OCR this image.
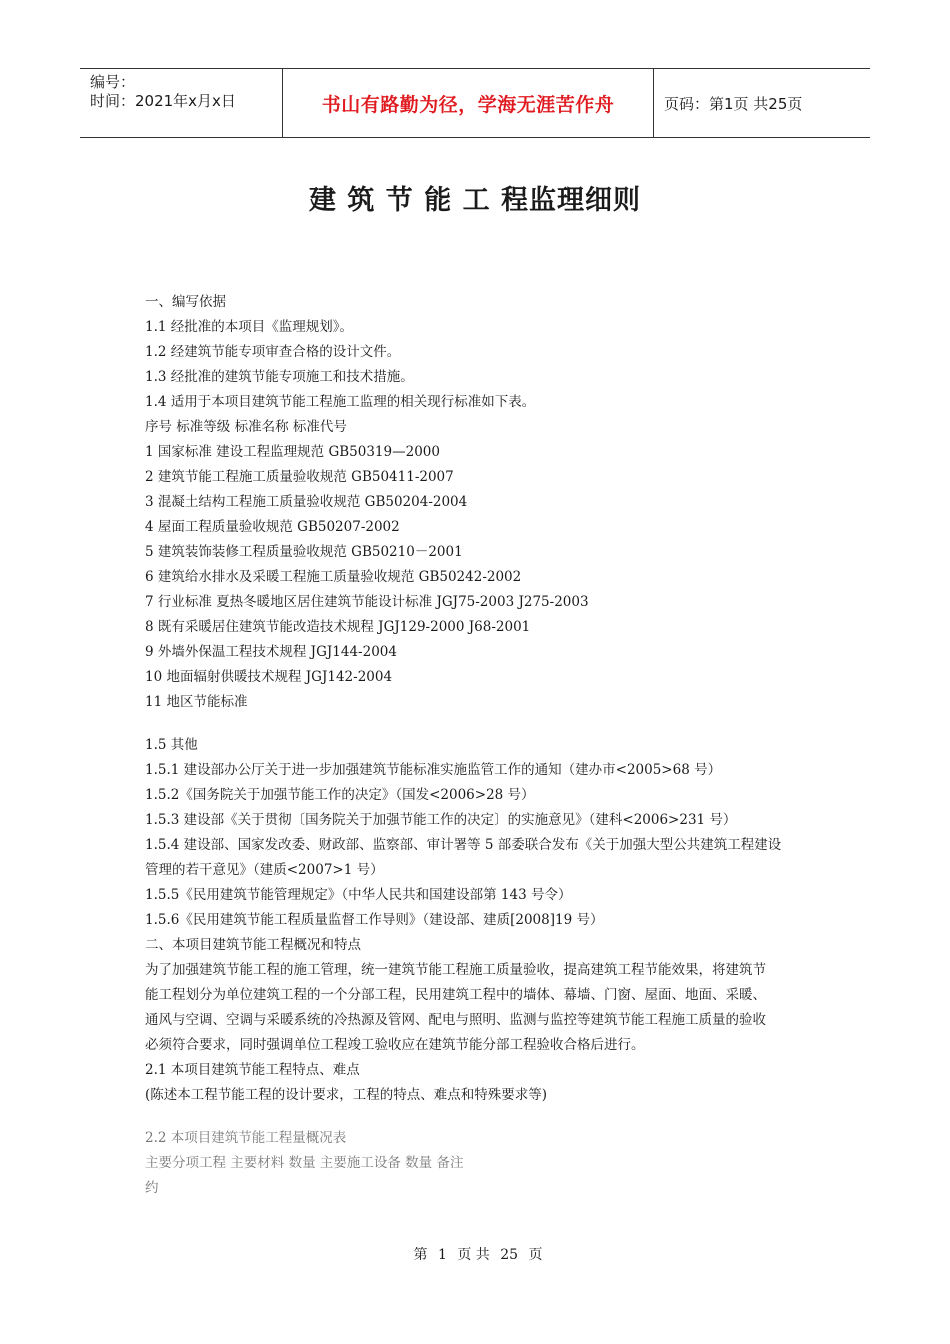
编号：
时间：2021年x月x日	书山有路勤为径，学海无涯苦作舟	页码：第1页 共25页
建 筑 节 能 工 程监理细则
一、编写依据
1.1 经批准的本项目《监理规划》。
1.2 经建筑节能专项审查合格的设计文件。
1.3 经批准的建筑节能专项施工和技术措施。
1.4 适用于本项目建筑节能工程施工监理的相关现行标准如下表。
序号 标准等级 标准名称 标准代号
1 国家标准 建设工程监理规范 GB50319—2000
2 建筑节能工程施工质量验收规范 GB50411-2007
3 混凝土结构工程施工质量验收规范 GB50204-2004
4 屋面工程质量验收规范 GB50207-2002
5 建筑装饰装修工程质量验收规范 GB50210－2001
6 建筑给水排水及采暖工程施工质量验收规范 GB50242-2002
7 行业标准 夏热冬暖地区居住建筑节能设计标准 JGJ75-2003 J275-2003
8 既有采暖居住建筑节能改造技术规程 JGJ129-2000 J68-2001
9 外墙外保温工程技术规程 JGJ144-2004
10 地面辐射供暖技术规程 JGJ142-2004
11 地区节能标准
1.5 其他
1.5.1 建设部办公厅关于进一步加强建筑节能标准实施监管工作的通知（建办市<2005>68 号）
1.5.2《国务院关于加强节能工作的决定》（国发<2006>28 号）
1.5.3 建设部《关于贯彻〔国务院关于加强节能工作的决定〕的实施意见》（建科<2006>231 号）
1.5.4 建设部、国家发改委、财政部、监察部、审计署等 5 部委联合发布《关于加强大型公共建筑工程建设
管理的若干意见》（建质<2007>1 号）
1.5.5《民用建筑节能管理规定》（中华人民共和国建设部第 143 号令）
1.5.6《民用建筑节能工程质量监督工作导则》（建设部、建质[2008]19 号）
二、本项目建筑节能工程概况和特点
为了加强建筑节能工程的施工管理，统一建筑节能工程施工质量验收，提高建筑工程节能效果，将建筑节
能工程划分为单位建筑工程的一个分部工程，民用建筑工程中的墙体、幕墙、门窗、屋面、地面、采暖、
通风与空调、空调与采暖系统的冷热源及管网、配电与照明、监测与监控等建筑节能工程施工质量的验收
必须符合要求，同时强调单位工程竣工验收应在建筑节能分部工程验收合格后进行。
2.1 本项目建筑节能工程特点、难点
(陈述本工程节能工程的设计要求，工程的特点、难点和特殊要求等)
2.2 本项目建筑节能工程量概况表
主要分项工程 主要材料 数量 主要施工设备 数量 备注
约
第 1 页 共 25 页
